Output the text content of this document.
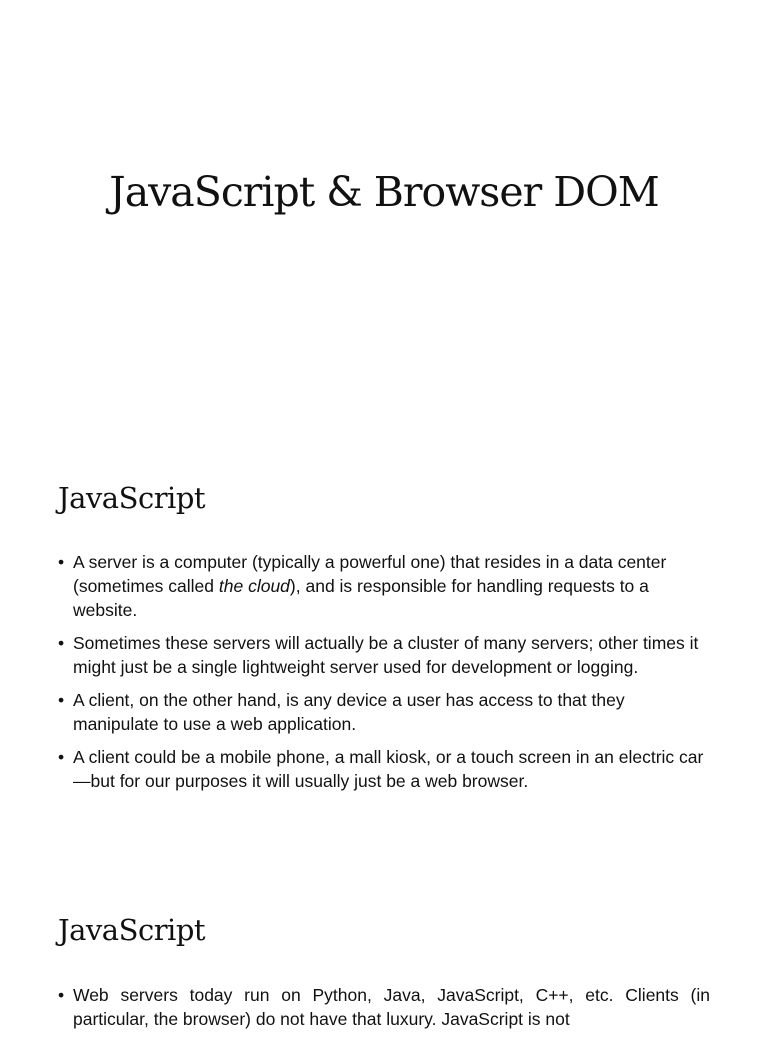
JavaScript & Browser DOM
JavaScript
• A server is a computer (typically a powerful one) that resides in a data center (sometimes called the cloud), and is responsible for handling requests to a website.
• Sometimes these servers will actually be a cluster of many servers; other times it might just be a single lightweight server used for development or logging.
• A client, on the other hand, is any device a user has access to that they manipulate to use a web application.
• A client could be a mobile phone, a mall kiosk, or a touch screen in an electric car—but for our purposes it will usually just be a web browser.
JavaScript
• Web servers today run on Python, Java, JavaScript, C++, etc. Clients (in particular, the browser) do not have that luxury. JavaScript is not
